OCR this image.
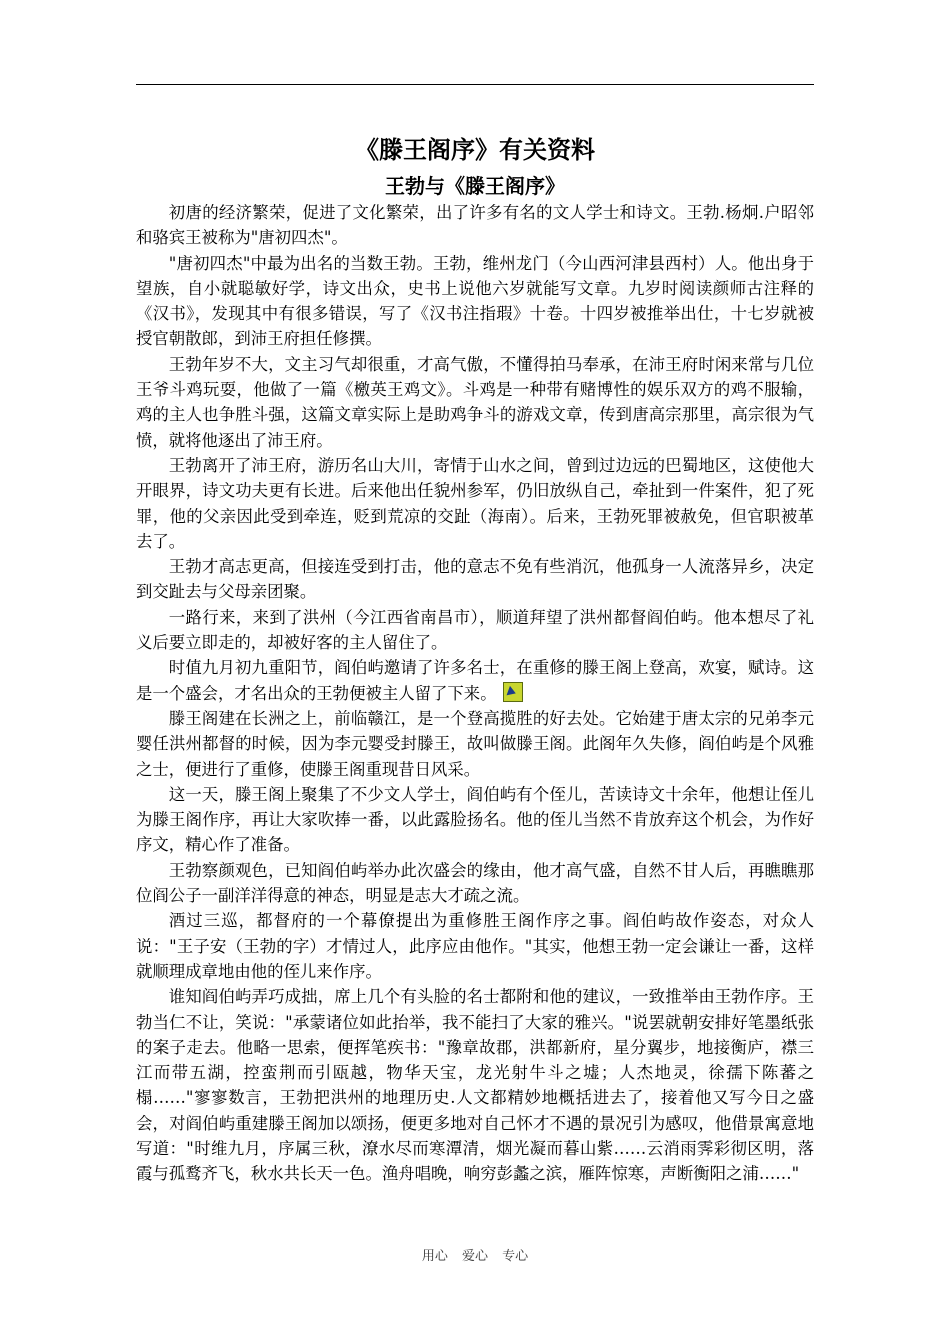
《滕王阁序》有关资料
王勃与《滕王阁序》

初唐的经济繁荣，促进了文化繁荣，出了许多有名的文人学士和诗文。王勃.杨炯.户昭邻和骆宾王被称为"唐初四杰"。

"唐初四杰"中最为出名的当数王勃。王勃，维州龙门（今山西河津县西村）人。他出身于望族，自小就聪敏好学，诗文出众，史书上说他六岁就能写文章。九岁时阅读颜师古注释的《汉书》，发现其中有很多错误，写了《汉书注指瑕》十卷。十四岁被推举出仕，十七岁就被授官朝散郎，到沛王府担任修撰。

王勃年岁不大，文主习气却很重，才高气傲，不懂得拍马奉承，在沛王府时闲来常与几位王爷斗鸡玩耍，他做了一篇《檄英王鸡文》。斗鸡是一种带有赌博性的娱乐双方的鸡不服输，鸡的主人也争胜斗强，这篇文章实际上是助鸡争斗的游戏文章，传到唐高宗那里，高宗很为气愤，就将他逐出了沛王府。

王勃离开了沛王府，游历名山大川，寄情于山水之间，曾到过边远的巴蜀地区，这使他大开眼界，诗文功夫更有长进。后来他出任貌州参军，仍旧放纵自己，牵扯到一件案件，犯了死罪，他的父亲因此受到牵连，贬到荒凉的交趾（海南）。后来，王勃死罪被赦免，但官职被革去了。

王勃才高志更高，但接连受到打击，他的意志不免有些消沉，他孤身一人流落异乡，决定到交趾去与父母亲团聚。

一路行来，来到了洪州（今江西省南昌市），顺道拜望了洪州都督阎伯屿。他本想尽了礼义后要立即走的，却被好客的主人留住了。

时值九月初九重阳节，阎伯屿邀请了许多名士，在重修的滕王阁上登高，欢宴，赋诗。这是一个盛会，才名出众的王勃便被主人留了下来。

滕王阁建在长洲之上，前临赣江，是一个登高揽胜的好去处。它始建于唐太宗的兄弟李元婴任洪州都督的时候，因为李元婴受封滕王，故叫做滕王阁。此阁年久失修，阎伯屿是个风雅之士，便进行了重修，使滕王阁重现昔日风采。

这一天，滕王阁上聚集了不少文人学士，阎伯屿有个侄儿，苦读诗文十余年，他想让侄儿为滕王阁作序，再让大家吹捧一番，以此露脸扬名。他的侄儿当然不肯放弃这个机会，为作好序文，精心作了准备。

王勃察颜观色，已知阎伯屿举办此次盛会的缘由，他才高气盛，自然不甘人后，再瞧瞧那位阎公子一副洋洋得意的神态，明显是志大才疏之流。

酒过三巡，都督府的一个幕僚提出为重修胜王阁作序之事。阎伯屿故作姿态，对众人说："王子安（王勃的字）才情过人，此序应由他作。"其实，他想王勃一定会谦让一番，这样就顺理成章地由他的侄儿来作序。

谁知阎伯屿弄巧成拙，席上几个有头脸的名士都附和他的建议，一致推举由王勃作序。王勃当仁不让，笑说："承蒙诸位如此抬举，我不能扫了大家的雅兴。"说罢就朝安排好笔墨纸张的案子走去。他略一思索，便挥笔疾书："豫章故郡，洪都新府，星分翼步，地接衡庐，襟三江而带五湖，控蛮荆而引瓯越，物华天宝，龙光射牛斗之墟；人杰地灵，徐孺下陈蕃之榻……"寥寥数言，王勃把洪州的地理历史.人文都精妙地概括进去了，接着他又写今日之盛会，对阎伯屿重建滕王阁加以颂扬，便更多地对自己怀才不遇的景况引为感叹，他借景寓意地写道："时维九月，序属三秋，潦水尽而寒潭清，烟光凝而暮山紫……云消雨霁彩彻区明，落霞与孤鹜齐飞，秋水共长天一色。渔舟唱晚，响穷彭蠡之滨，雁阵惊寒，声断衡阳之浦……"

用心 爱心 专心
